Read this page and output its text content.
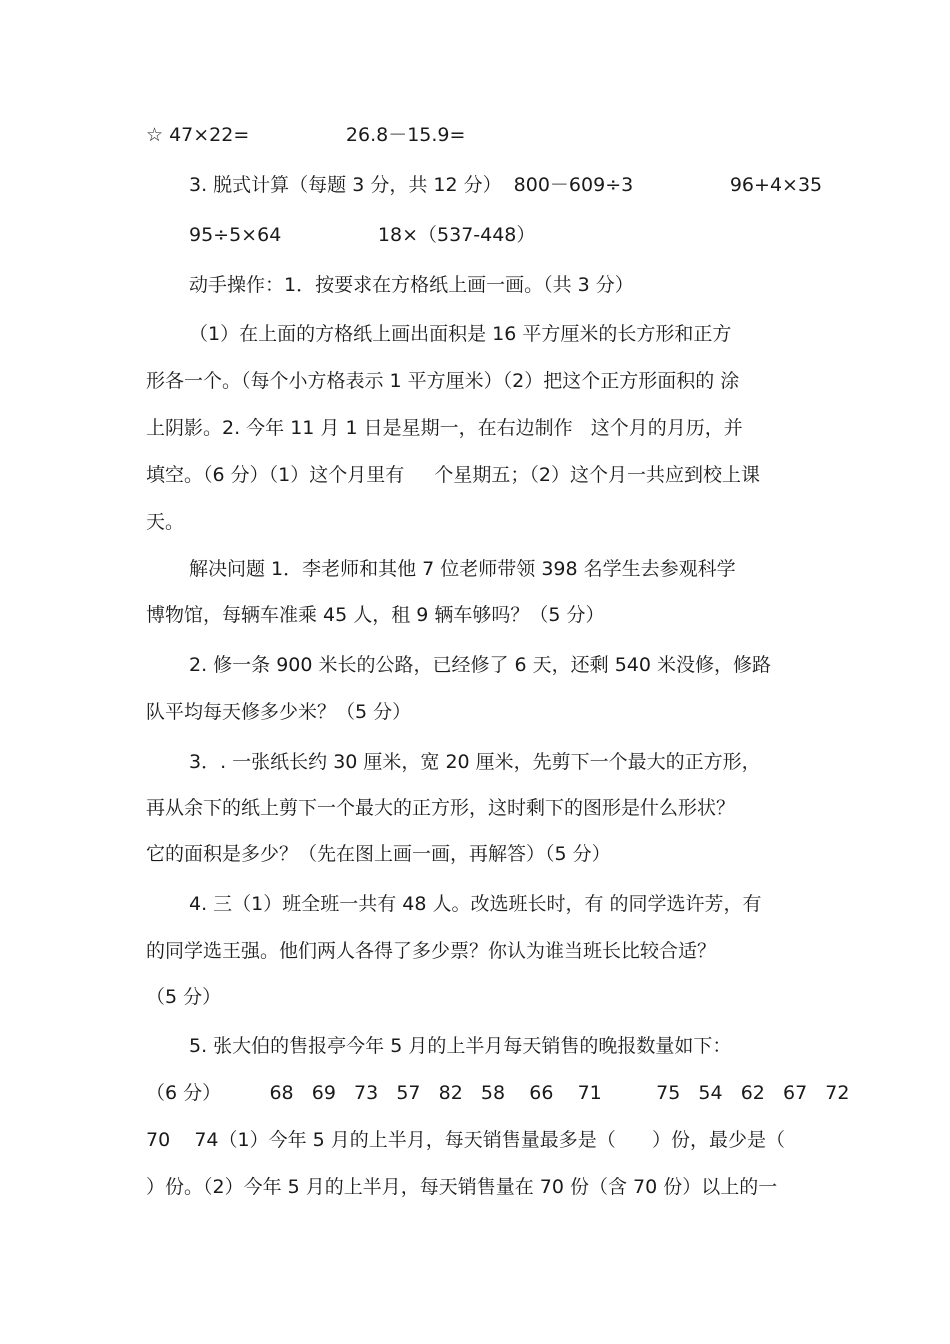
☆ 47×22=                26.8－15.9=
3. 脱式计算（每题 3 分，共 12 分）  800－609÷3                96+4×35
95÷5×64                18×（537-448）
动手操作：1．按要求在方格纸上画一画。（共 3 分）
（1）在上面的方格纸上画出面积是 16 平方厘米的长方形和正方
形各一个。（每个小方格表示 1 平方厘米）（2）把这个正方形面积的 涂
上阴影。2. 今年 11 月 1 日是星期一，在右边制作   这个月的月历，并
填空。（6 分）（1）这个月里有     个星期五；（2）这个月一共应到校上课
天。
解决问题 1．李老师和其他 7 位老师带领 398 名学生去参观科学
博物馆，每辆车准乘 45 人，租 9 辆车够吗？（5 分）
2. 修一条 900 米长的公路，已经修了 6 天，还剩 540 米没修，修路
队平均每天修多少米？（5 分）
3．. 一张纸长约 30 厘米，宽 20 厘米，先剪下一个最大的正方形，
再从余下的纸上剪下一个最大的正方形，这时剩下的图形是什么形状？
它的面积是多少？（先在图上画一画，再解答）（5 分）
4. 三（1）班全班一共有 48 人。改选班长时，有 的同学选许芳，有
的同学选王强。他们两人各得了多少票？你认为谁当班长比较合适？
（5 分）
5. 张大伯的售报亭今年 5 月的上半月每天销售的晚报数量如下：
（6 分）        68   69   73   57   82   58    66    71         75   54   62   67   72
70    74（1）今年 5 月的上半月，每天销售量最多是（      ）份，最少是（
）份。（2）今年 5 月的上半月，每天销售量在 70 份（含 70 份）以上的一
